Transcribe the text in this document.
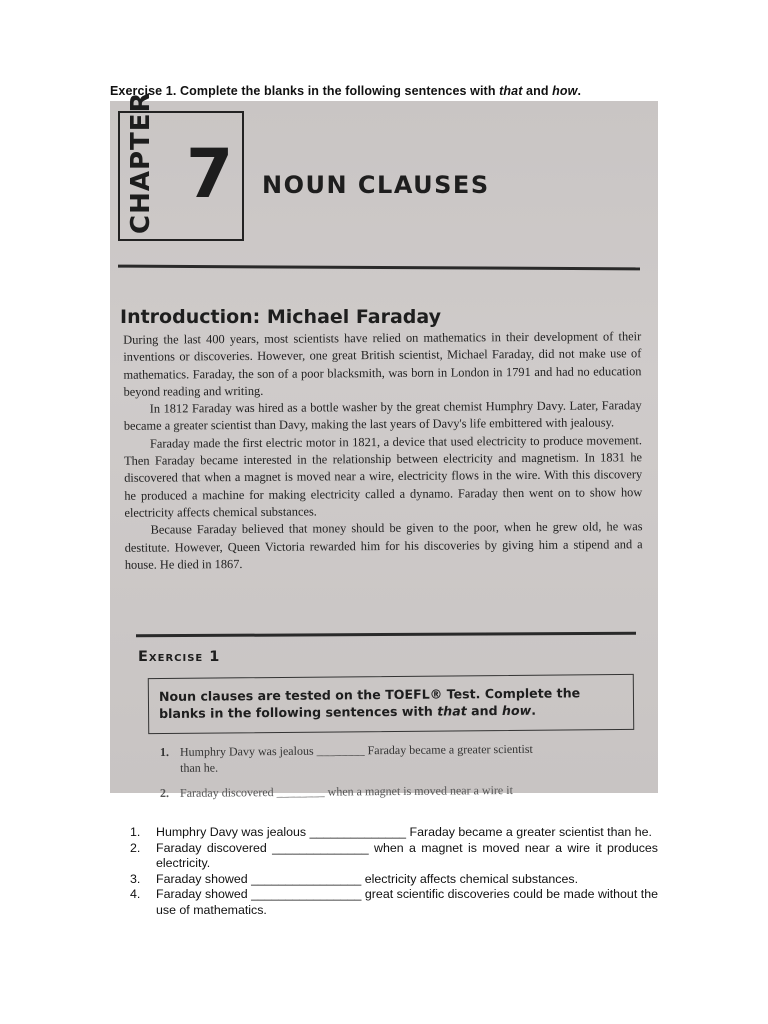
Exercise 1. Complete the blanks in the following sentences with that and how.
CHAPTER 7 NOUN CLAUSES
Introduction: Michael Faraday

During the last 400 years, most scientists have relied on mathematics in their development of their inventions or discoveries. However, one great British scientist, Michael Faraday, did not make use of mathematics. Faraday, the son of a poor blacksmith, was born in London in 1791 and had no education beyond reading and writing.

In 1812 Faraday was hired as a bottle washer by the great chemist Humphry Davy. Later, Faraday became a greater scientist than Davy, making the last years of Davy's life embittered with jealousy.

Faraday made the first electric motor in 1821, a device that used electricity to produce movement. Then Faraday became interested in the relationship between electricity and magnetism. In 1831 he discovered that when a magnet is moved near a wire, electricity flows in the wire. With this discovery he produced a machine for making electricity called a dynamo. Faraday then went on to show how electricity affects chemical substances.

Because Faraday believed that money should be given to the poor, when he grew old, he was destitute. However, Queen Victoria rewarded him for his discoveries by giving him a stipend and a house. He died in 1867.

Exercise 1
Noun clauses are tested on the TOEFL® Test. Complete the blanks in the following sentences with that and how.
1. Humphry Davy was jealous ________ Faraday became a greater scientist
than he.
2. Faraday discovered ________ when a magnet is moved near a wire it
1. Humphry Davy was jealous ______________ Faraday became a greater scientist than he.
2. Faraday discovered ______________ when a magnet is moved near a wire it produces electricity.
3. Faraday showed ________________ electricity affects chemical substances.
4. Faraday showed ________________ great scientific discoveries could be made without the use of mathematics.
